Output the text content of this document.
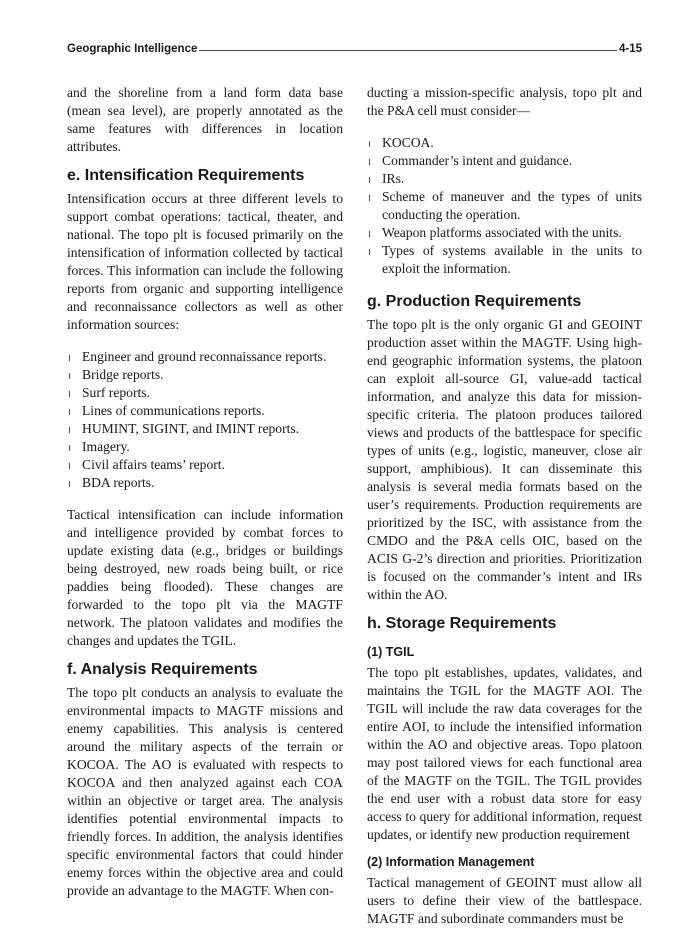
Geographic Intelligence	4-15

and the shoreline from a land form data base (mean sea level), are properly annotated as the same features with differences in location attributes.

e. Intensification Requirements

Intensification occurs at three different levels to support combat operations: tactical, theater, and national. The topo plt is focused primarily on the intensification of information collected by tactical forces. This information can include the following reports from organic and supporting intelligence and reconnaissance collectors as well as other information sources:

Engineer and ground reconnaissance reports.
Bridge reports.
Surf reports.
Lines of communications reports.
HUMINT, SIGINT, and IMINT reports.
Imagery.
Civil affairs teams’ report.
BDA reports.

Tactical intensification can include information and intelligence provided by combat forces to update existing data (e.g., bridges or buildings being destroyed, new roads being built, or rice paddies being flooded). These changes are forwarded to the topo plt via the MAGTF network. The platoon validates and modifies the changes and updates the TGIL.

f. Analysis Requirements

The topo plt conducts an analysis to evaluate the environmental impacts to MAGTF missions and enemy capabilities. This analysis is centered around the military aspects of the terrain or KOCOA. The AO is evaluated with respects to KOCOA and then analyzed against each COA within an objective or target area. The analysis identifies potential environmental impacts to friendly forces. In addition, the analysis identifies specific environmental factors that could hinder enemy forces within the objective area and could provide an advantage to the MAGTF. When con-

ducting a mission-specific analysis, topo plt and the P&A cell must consider—

KOCOA.
Commander’s intent and guidance.
IRs.
Scheme of maneuver and the types of units conducting the operation.
Weapon platforms associated with the units.
Types of systems available in the units to exploit the information.
g. Production Requirements

The topo plt is the only organic GI and GEOINT production asset within the MAGTF. Using high-end geographic information systems, the platoon can exploit all-source GI, value-add tactical information, and analyze this data for mission-specific criteria. The platoon produces tailored views and products of the battlespace for specific types of units (e.g., logistic, maneuver, close air support, amphibious). It can disseminate this analysis is several media formats based on the user’s requirements. Production requirements are prioritized by the ISC, with assistance from the CMDO and the P&A cells OIC, based on the ACIS G-2’s direction and priorities. Prioritization is focused on the commander’s intent and IRs within the AO.

h. Storage Requirements
(1) TGIL

The topo plt establishes, updates, validates, and maintains the TGIL for the MAGTF AOI. The TGIL will include the raw data coverages for the entire AOI, to include the intensified information within the AO and objective areas. Topo platoon may post tailored views for each functional area of the MAGTF on the TGIL. The TGIL provides the end user with a robust data store for easy access to query for additional information, request updates, or identify new production requirement

(2) Information Management

Tactical management of GEOINT must allow all users to define their view of the battlespace. MAGTF and subordinate commanders must be
